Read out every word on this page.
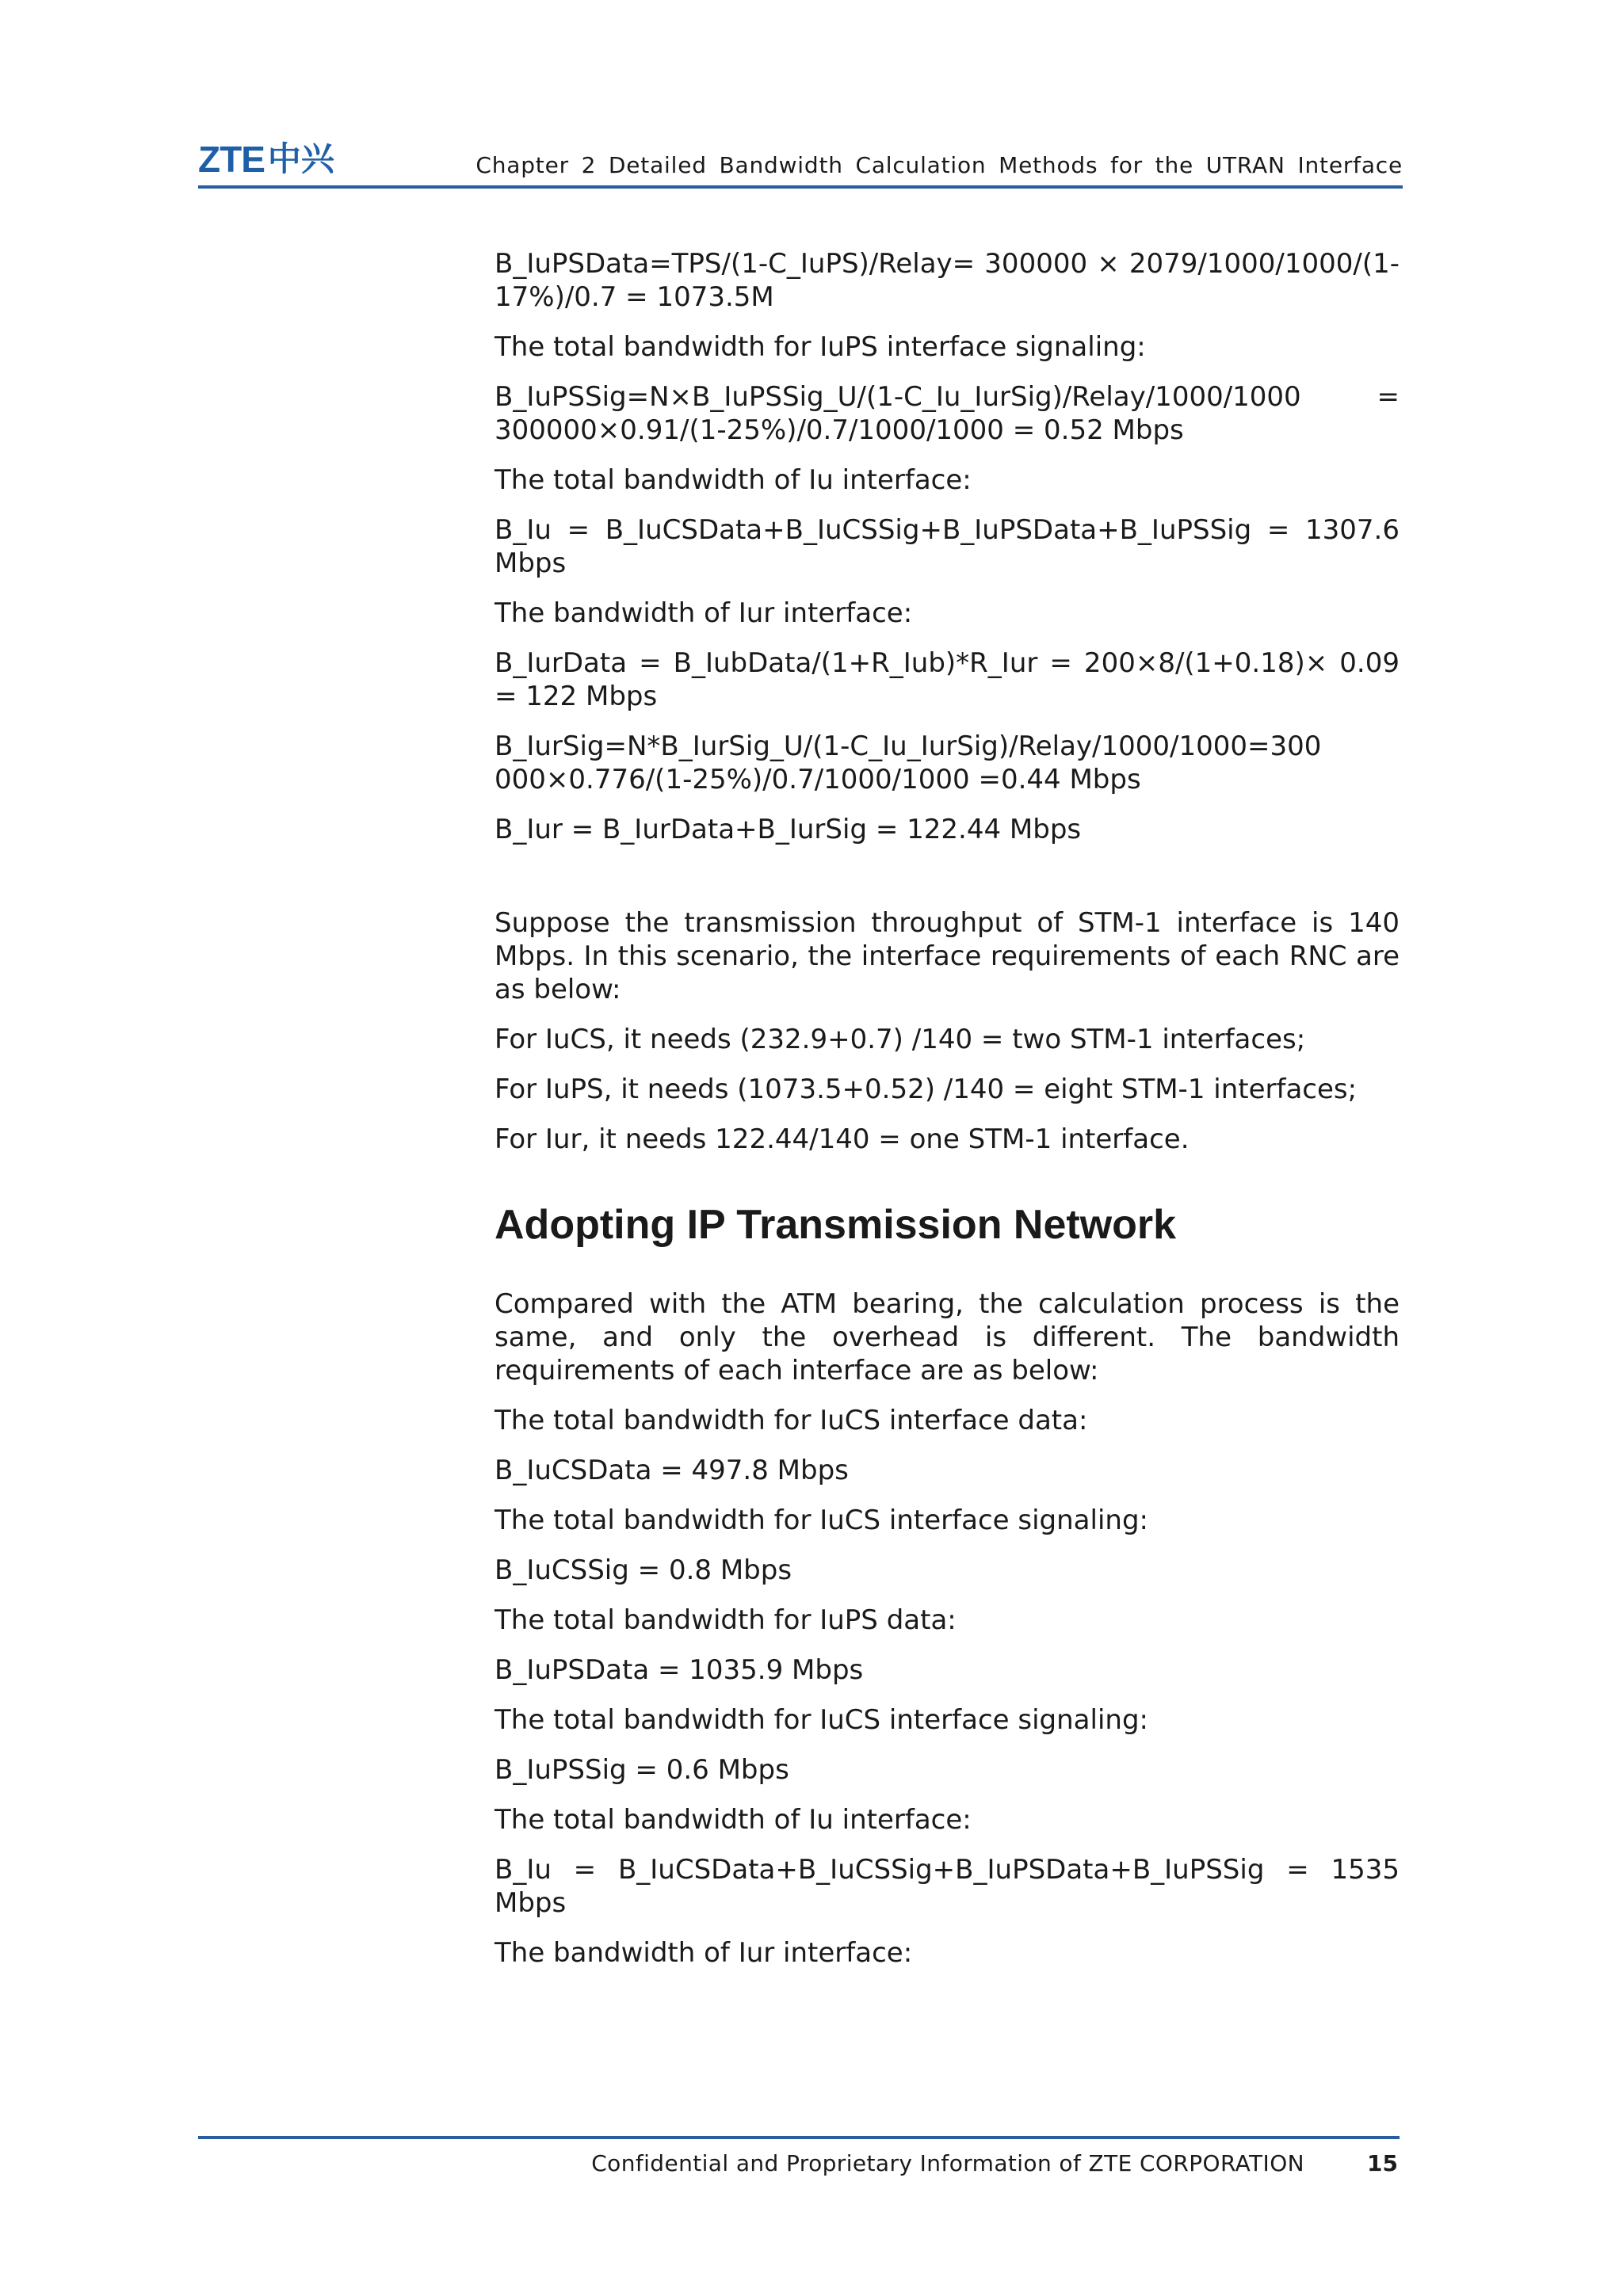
ZTE 中兴	Chapter 2 Detailed Bandwidth Calculation Methods for the UTRAN Interface

B_IuPSData=TPS/(1-C_IuPS)/Relay= 300000 × 2079/1000/1000/(1-17%)/0.7 = 1073.5M

The total bandwidth for IuPS interface signaling:

B_IuPSSig=N×B_IuPSSig_U/(1-C_Iu_IurSig)/Relay/1000/1000 = 300000×0.91/(1-25%)/0.7/1000/1000 = 0.52 Mbps

The total bandwidth of Iu interface:

B_Iu = B_IuCSData+B_IuCSSig+B_IuPSData+B_IuPSSig = 1307.6 Mbps

The bandwidth of Iur interface:

B_IurData = B_IubData/(1+R_Iub)*R_Iur = 200×8/(1+0.18)× 0.09 = 122 Mbps

B_IurSig=N*B_IurSig_U/(1-C_Iu_IurSig)/Relay/1000/1000=300 000×0.776/(1-25%)/0.7/1000/1000 =0.44 Mbps

B_Iur = B_IurData+B_IurSig = 122.44 Mbps

Suppose the transmission throughput of STM-1 interface is 140 Mbps. In this scenario, the interface requirements of each RNC are as below:

For IuCS, it needs (232.9+0.7) /140 = two STM-1 interfaces;

For IuPS, it needs (1073.5+0.52) /140 = eight STM-1 interfaces;

For Iur, it needs 122.44/140 = one STM-1 interface.

Adopting IP Transmission Network

Compared with the ATM bearing, the calculation process is the same, and only the overhead is different. The bandwidth requirements of each interface are as below:

The total bandwidth for IuCS interface data:

B_IuCSData = 497.8 Mbps

The total bandwidth for IuCS interface signaling:

B_IuCSSig = 0.8 Mbps

The total bandwidth for IuPS data:

B_IuPSData = 1035.9 Mbps

The total bandwidth for IuCS interface signaling:

B_IuPSSig = 0.6 Mbps

The total bandwidth of Iu interface:

B_Iu = B_IuCSData+B_IuCSSig+B_IuPSData+B_IuPSSig = 1535 Mbps

The bandwidth of Iur interface:

Confidential and Proprietary Information of ZTE CORPORATION	15
